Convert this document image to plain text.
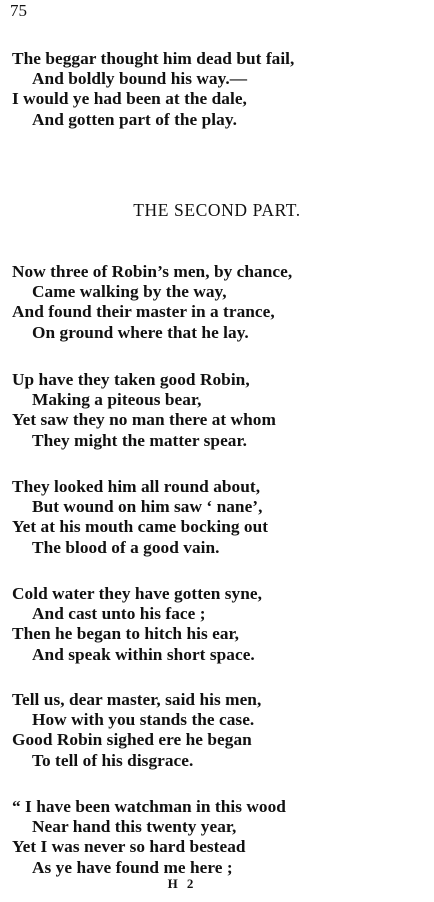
75
The beggar thought him dead but fail,
And boldly bound his way.—
I would ye had been at the dale,
And gotten part of the play.
THE SECOND PART.
Now three of Robin’s men, by chance,
Came walking by the way,
And found their master in a trance,
On ground where that he lay.
Up have they taken good Robin,
Making a piteous bear,
Yet saw they no man there at whom
They might the matter spear.
They looked him all round about,
But wound on him saw ‘ nane’,
Yet at his mouth came bocking out
The blood of a good vain.
Cold water they have gotten syne,
And cast unto his face ;
Then he began to hitch his ear,
And speak within short space.
Tell us, dear master, said his men,
How with you stands the case.
Good Robin sighed ere he began
To tell of his disgrace.
“ I have been watchman in this wood
Near hand this twenty year,
Yet I was never so hard bestead
As ye have found me here ;
H 2
